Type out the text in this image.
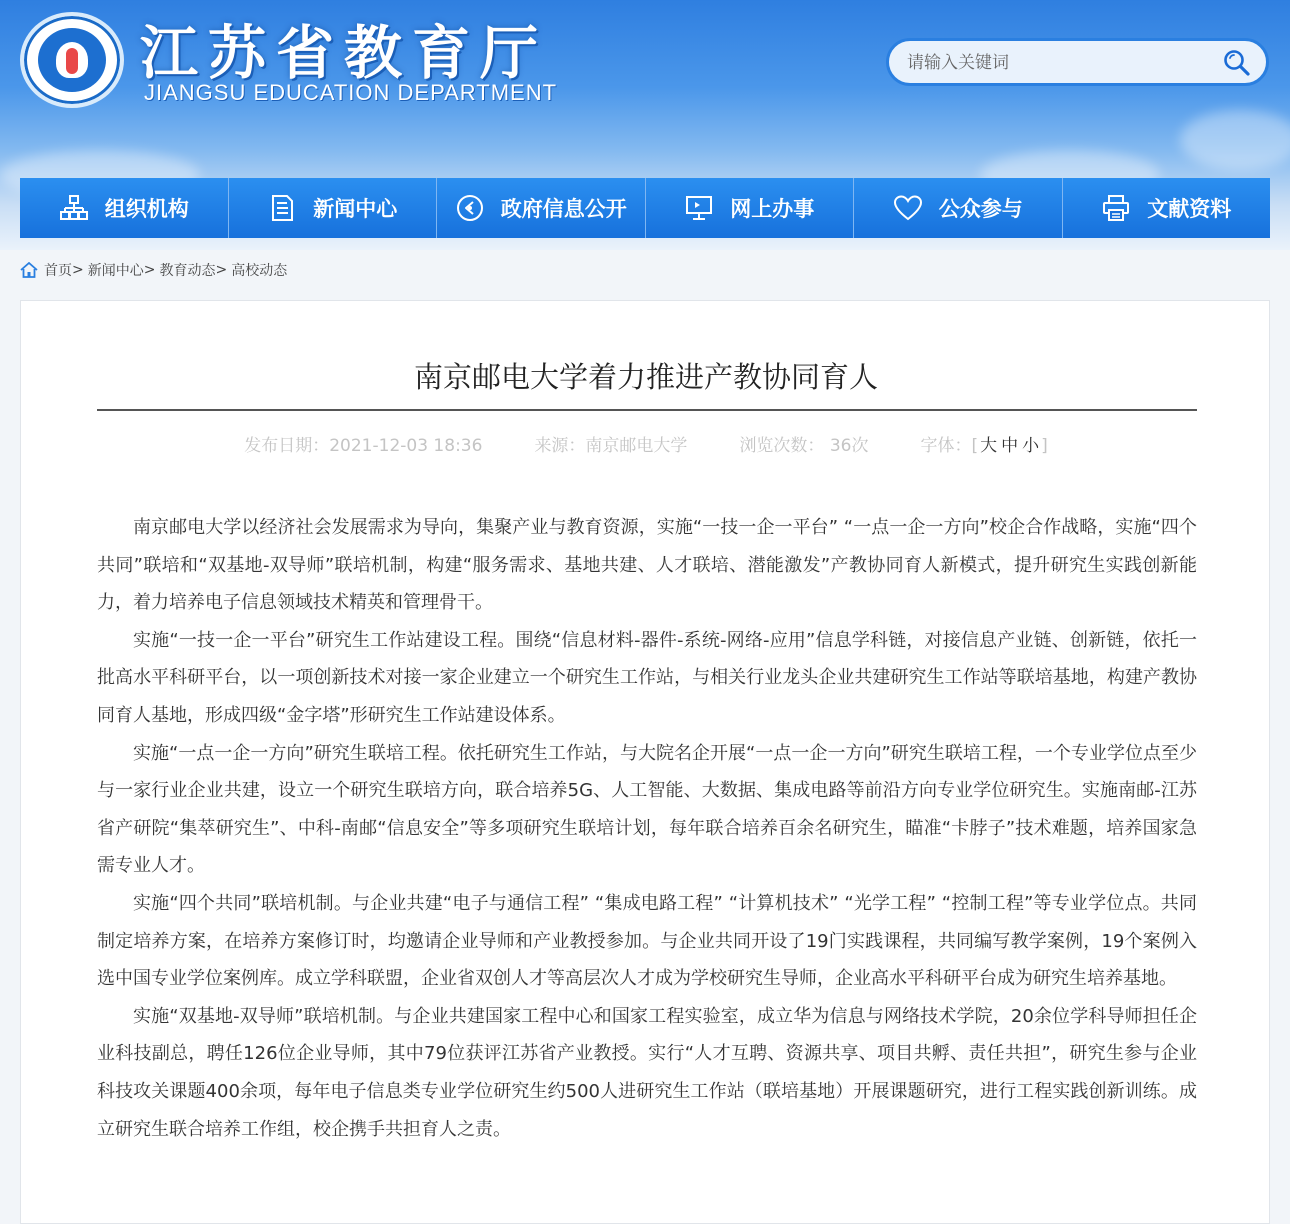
江苏省教育厅
JIANGSU EDUCATION DEPARTMENT
请输入关键词
组织机构	新闻中心	政府信息公开	网上办事	公众参与	文献资料
首页 > 新闻中心 > 教育动态 > 高校动态
南京邮电大学着力推进产教协同育人
发布日期：2021-12-03 18:36	来源：南京邮电大学	浏览次数： 36次	字体：[ 大 中 小 ]

南京邮电大学以经济社会发展需求为导向，集聚产业与教育资源，实施“一技一企一平台” “一点一企一方向”校企合作战略，实施“四个共同”联培和“双基地-双导师”联培机制，构建“服务需求、基地共建、人才联培、潜能激发”产教协同育人新模式，提升研究生实践创新能力，着力培养电子信息领域技术精英和管理骨干。

实施“一技一企一平台”研究生工作站建设工程。围绕“信息材料-器件-系统-网络-应用”信息学科链，对接信息产业链、创新链，依托一批高水平科研平台，以一项创新技术对接一家企业建立一个研究生工作站，与相关行业龙头企业共建研究生工作站等联培基地，构建产教协同育人基地，形成四级“金字塔”形研究生工作站建设体系。

实施“一点一企一方向”研究生联培工程。依托研究生工作站，与大院名企开展“一点一企一方向”研究生联培工程，一个专业学位点至少与一家行业企业共建，设立一个研究生联培方向，联合培养5G、人工智能、大数据、集成电路等前沿方向专业学位研究生。实施南邮-江苏省产研院“集萃研究生”、中科-南邮“信息安全”等多项研究生联培计划，每年联合培养百余名研究生，瞄准“卡脖子”技术难题，培养国家急需专业人才。

实施“四个共同”联培机制。与企业共建“电子与通信工程” “集成电路工程” “计算机技术” “光学工程” “控制工程”等专业学位点。共同制定培养方案，在培养方案修订时，均邀请企业导师和产业教授参加。与企业共同开设了19门实践课程，共同编写教学案例，19个案例入选中国专业学位案例库。成立学科联盟，企业省双创人才等高层次人才成为学校研究生导师，企业高水平科研平台成为研究生培养基地。

实施“双基地-双导师”联培机制。与企业共建国家工程中心和国家工程实验室，成立华为信息与网络技术学院，20余位学科导师担任企业科技副总，聘任126位企业导师，其中79位获评江苏省产业教授。实行“人才互聘、资源共享、项目共孵、责任共担”，研究生参与企业科技攻关课题400余项，每年电子信息类专业学位研究生约500人进研究生工作站（联培基地）开展课题研究，进行工程实践创新训练。成立研究生联合培养工作组，校企携手共担育人之责。
